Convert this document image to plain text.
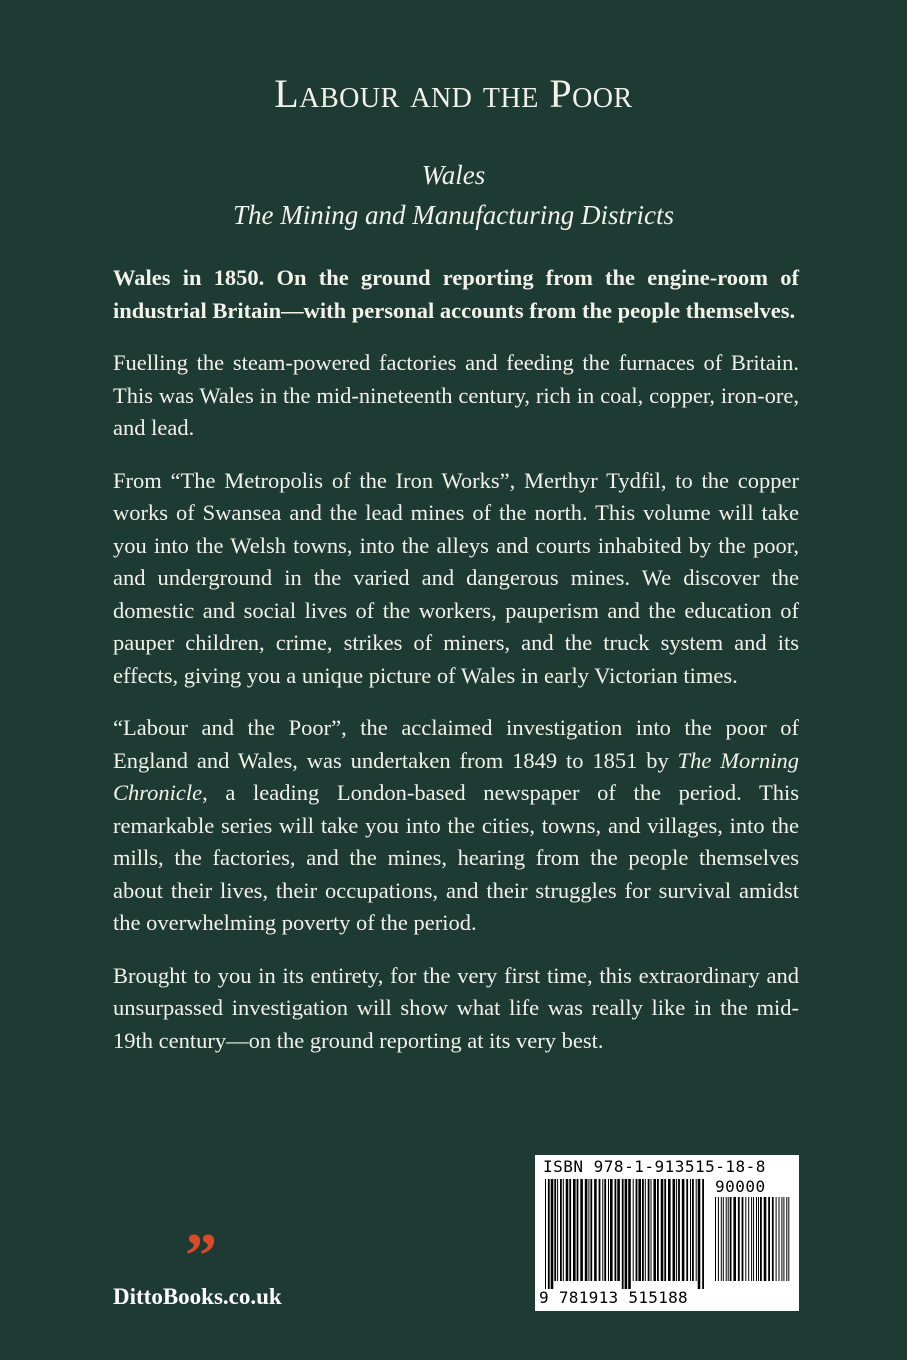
Labour and the Poor
Wales
The Mining and Manufacturing Districts

Wales in 1850. On the ground reporting from the engine-room of industrial Britain—with personal accounts from the people themselves.

Fuelling the steam-powered factories and feeding the furnaces of Britain. This was Wales in the mid-nineteenth century, rich in coal, copper, iron-ore, and lead.

From “The Metropolis of the Iron Works”, Merthyr Tydfil, to the copper works of Swansea and the lead mines of the north. This volume will take you into the Welsh towns, into the alleys and courts inhabited by the poor, and underground in the varied and dangerous mines. We discover the domestic and social lives of the workers, pauperism and the education of pauper children, crime, strikes of miners, and the truck system and its effects, giving you a unique picture of Wales in early Victorian times.

“Labour and the Poor”, the acclaimed investigation into the poor of England and Wales, was undertaken from 1849 to 1851 by The Morning Chronicle, a leading London-based newspaper of the period. This remarkable series will take you into the cities, towns, and villages, into the mills, the factories, and the mines, hearing from the people themselves about their lives, their occupations, and their struggles for survival amidst the overwhelming poverty of the period.

Brought to you in its entirety, for the very first time, this extraordinary and unsurpassed investigation will show what life was really like in the mid-19th century—on the ground reporting at its very best.

ISBN 978-1-913515-18-8
90000
9 781913 515188
”
DittoBooks.co.uk
